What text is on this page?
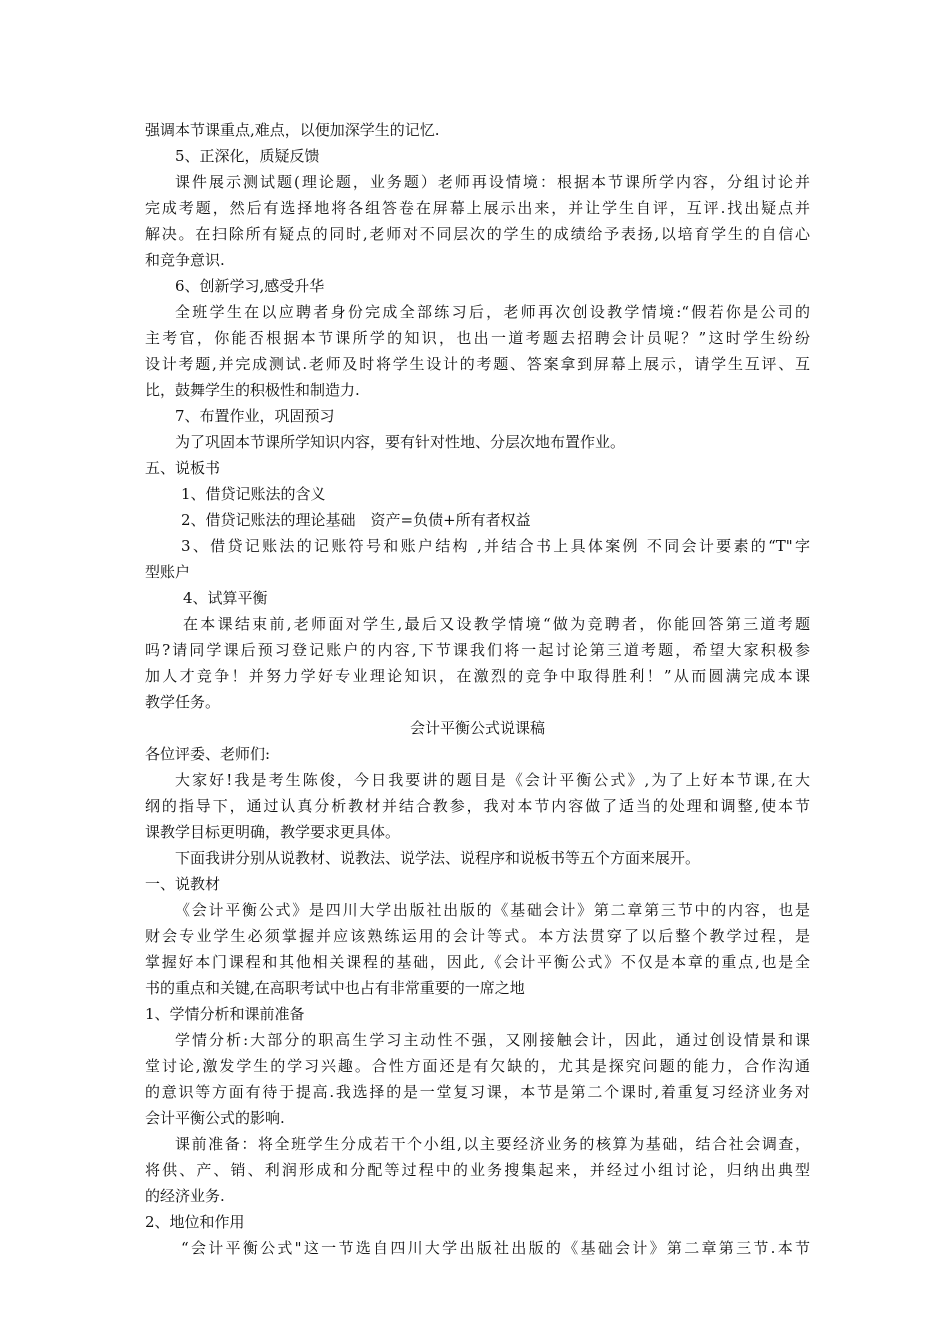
强调本节课重点,难点，以便加深学生的记忆.
5、正深化，质疑反馈
课件展示测试题(理论题，业务题）老师再设情境：根据本节课所学内容，分组讨论并
完成考题，然后有选择地将各组答卷在屏幕上展示出来，并让学生自评，互评.找出疑点并
解决。在扫除所有疑点的同时,老师对不同层次的学生的成绩给予表扬,以培育学生的自信心
和竞争意识.
6、创新学习,感受升华
全班学生在以应聘者身份完成全部练习后，老师再次创设教学情境:“假若你是公司的
主考官，你能否根据本节课所学的知识，也出一道考题去招聘会计员呢？”这时学生纷纷
设计考题,并完成测试.老师及时将学生设计的考题、答案拿到屏幕上展示，请学生互评、互
比，鼓舞学生的积极性和制造力.
7、布置作业，巩固预习
为了巩固本节课所学知识内容，要有针对性地、分层次地布置作业。
五、说板书
1、借贷记账法的含义
2、借贷记账法的理论基础　资产=负债+所有者权益
3、借贷记账法的记账符号和账户结构 ,并结合书上具体案例 不同会计要素的“T"字
型账户
4、试算平衡
在本课结束前,老师面对学生,最后又设教学情境“做为竞聘者，你能回答第三道考题
吗?请同学课后预习登记账户的内容,下节课我们将一起讨论第三道考题，希望大家积极参
加人才竞争！并努力学好专业理论知识，在激烈的竞争中取得胜利！”从而圆满完成本课
教学任务。
会计平衡公式说课稿
各位评委、老师们:
大家好!我是考生陈俊，今日我要讲的题目是《会计平衡公式》,为了上好本节课,在大
纲的指导下，通过认真分析教材并结合教参，我对本节内容做了适当的处理和调整,使本节
课教学目标更明确，教学要求更具体。
下面我讲分别从说教材、说教法、说学法、说程序和说板书等五个方面来展开。
一、说教材
《会计平衡公式》是四川大学出版社出版的《基础会计》第二章第三节中的内容，也是
财会专业学生必须掌握并应该熟练运用的会计等式。本方法贯穿了以后整个教学过程，是
掌握好本门课程和其他相关课程的基础，因此,《会计平衡公式》不仅是本章的重点,也是全
书的重点和关键,在高职考试中也占有非常重要的一席之地
1、学情分析和课前准备
学情分析:大部分的职高生学习主动性不强，又刚接触会计，因此，通过创设情景和课
堂讨论,激发学生的学习兴趣。合性方面还是有欠缺的，尤其是探究问题的能力，合作沟通
的意识等方面有待于提高.我选择的是一堂复习课，本节是第二个课时,着重复习经济业务对
会计平衡公式的影响.
课前准备：将全班学生分成若干个小组,以主要经济业务的核算为基础，结合社会调查，
将供、产、销、利润形成和分配等过程中的业务搜集起来，并经过小组讨论，归纳出典型
的经济业务.
2、地位和作用
“会计平衡公式"这一节选自四川大学出版社出版的《基础会计》第二章第三节.本节
